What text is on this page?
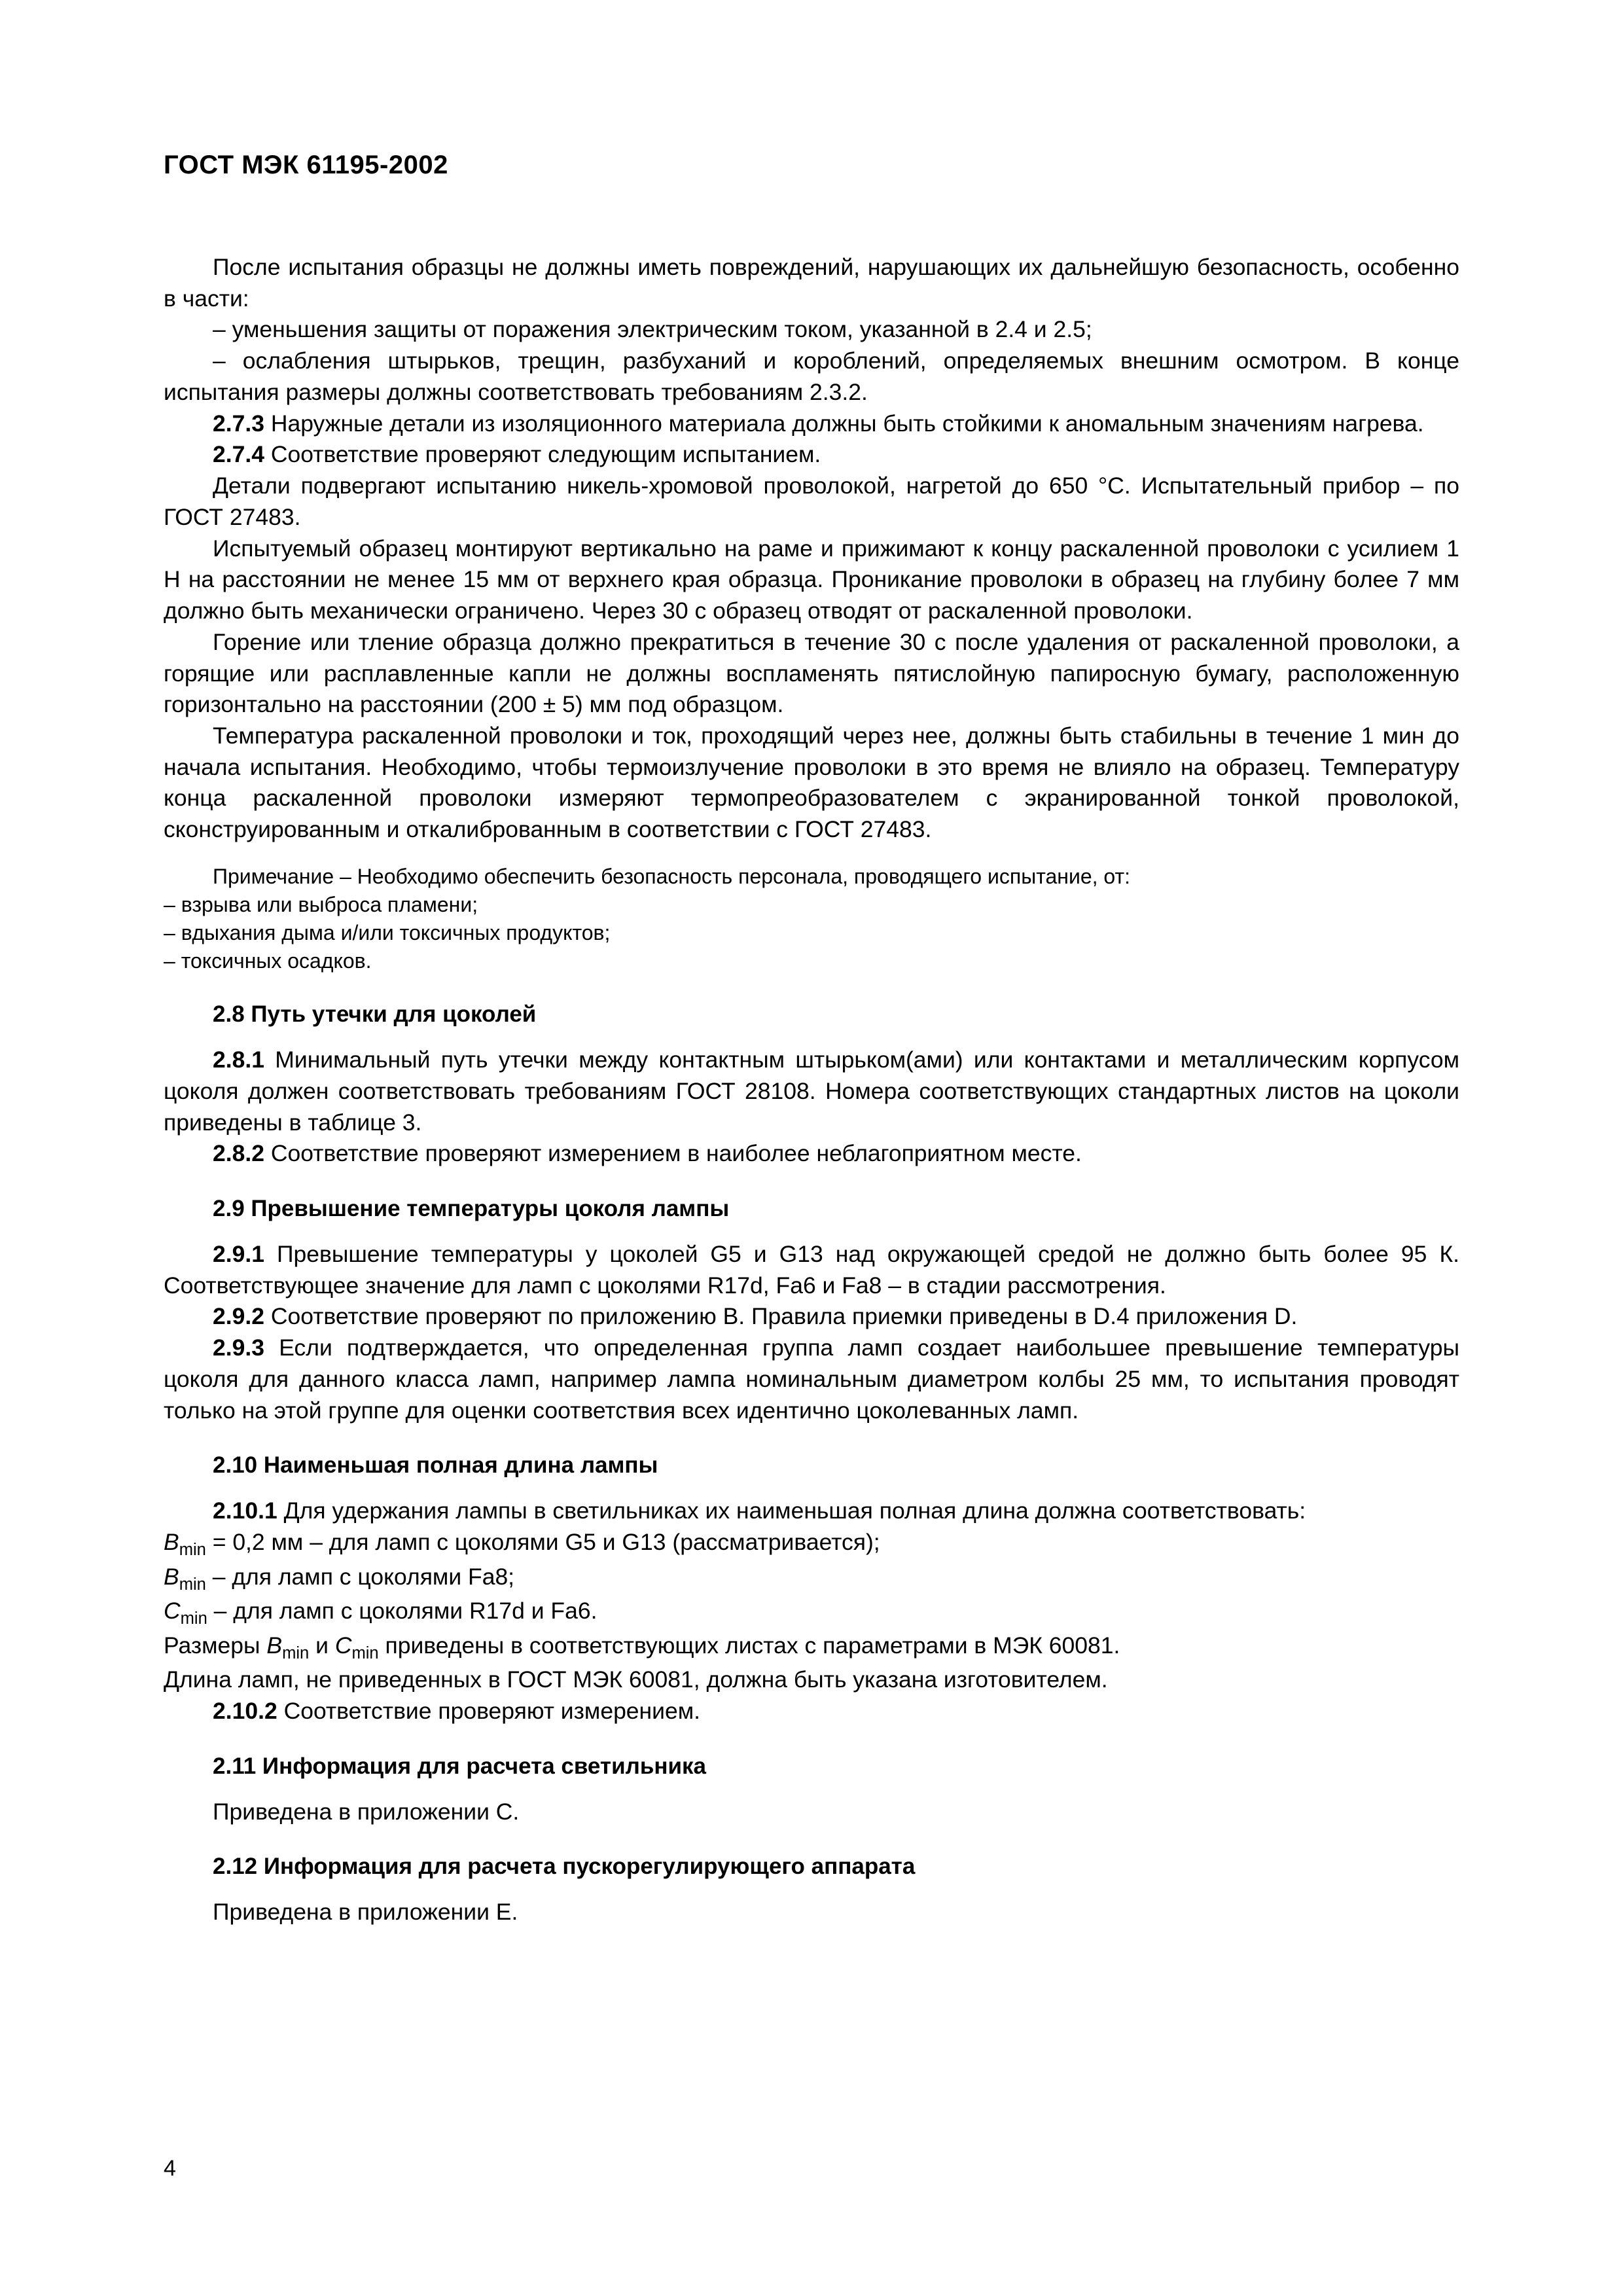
ГОСТ МЭК 61195-2002

После испытания образцы не должны иметь повреждений, нарушающих их дальнейшую безопасность, особенно в части:

– уменьшения защиты от поражения электрическим током, указанной в 2.4 и 2.5;

– ослабления штырьков, трещин, разбуханий и короблений, определяемых внешним осмотром. В конце испытания размеры должны соответствовать требованиям 2.3.2.

2.7.3 Наружные детали из изоляционного материала должны быть стойкими к аномальным значениям нагрева.

2.7.4 Соответствие проверяют следующим испытанием.

Детали подвергают испытанию никель-хромовой проволокой, нагретой до 650 °C. Испытательный прибор – по ГОСТ 27483.

Испытуемый образец монтируют вертикально на раме и прижимают к концу раскаленной проволоки с усилием 1 Н на расстоянии не менее 15 мм от верхнего края образца. Проникание проволоки в образец на глубину более 7 мм должно быть механически ограничено. Через 30 с образец отводят от раскаленной проволоки.

Горение или тление образца должно прекратиться в течение 30 с после удаления от раскаленной проволоки, а горящие или расплавленные капли не должны воспламенять пятислойную папиросную бумагу, расположенную горизонтально на расстоянии (200 ± 5) мм под образцом.

Температура раскаленной проволоки и ток, проходящий через нее, должны быть стабильны в течение 1 мин до начала испытания. Необходимо, чтобы термоизлучение проволоки в это время не влияло на образец. Температуру конца раскаленной проволоки измеряют термопреобразователем с экранированной тонкой проволокой, сконструированным и откалиброванным в соответствии с ГОСТ 27483.

Примечание – Необходимо обеспечить безопасность персонала, проводящего испытание, от:

– взрыва или выброса пламени;

– вдыхания дыма и/или токсичных продуктов;

– токсичных осадков.

2.8 Путь утечки для цоколей

2.8.1 Минимальный путь утечки между контактным штырьком(ами) или контактами и металлическим корпусом цоколя должен соответствовать требованиям ГОСТ 28108. Номера соответствующих стандартных листов на цоколи приведены в таблице 3.

2.8.2 Соответствие проверяют измерением в наиболее неблагоприятном месте.

2.9 Превышение температуры цоколя лампы

2.9.1 Превышение температуры у цоколей G5 и G13 над окружающей средой не должно быть более 95 К. Соответствующее значение для ламп с цоколями R17d, Fa6 и Fa8 – в стадии рассмотрения.

2.9.2 Соответствие проверяют по приложению В. Правила приемки приведены в D.4 приложения D.

2.9.3 Если подтверждается, что определенная группа ламп создает наибольшее превышение температуры цоколя для данного класса ламп, например лампа номинальным диаметром колбы 25 мм, то испытания проводят только на этой группе для оценки соответствия всех идентично цоколеванных ламп.

2.10 Наименьшая полная длина лампы

2.10.1 Для удержания лампы в светильниках их наименьшая полная длина должна соответствовать:

$B_{min} = 0,2$ мм – для ламп с цоколями G5 и G13 (рассматривается);

$B_{min}$ – для ламп с цоколями Fa8;

$C_{min}$ – для ламп с цоколями R17d и Fa6.

Размеры $B_{min}$ и $C_{min}$ приведены в соответствующих листах с параметрами в МЭК 60081.

Длина ламп, не приведенных в ГОСТ МЭК 60081, должна быть указана изготовителем.

2.10.2 Соответствие проверяют измерением.

2.11 Информация для расчета светильника

Приведена в приложении С.

2.12 Информация для расчета пускорегулирующего аппарата

Приведена в приложении Е.

4
